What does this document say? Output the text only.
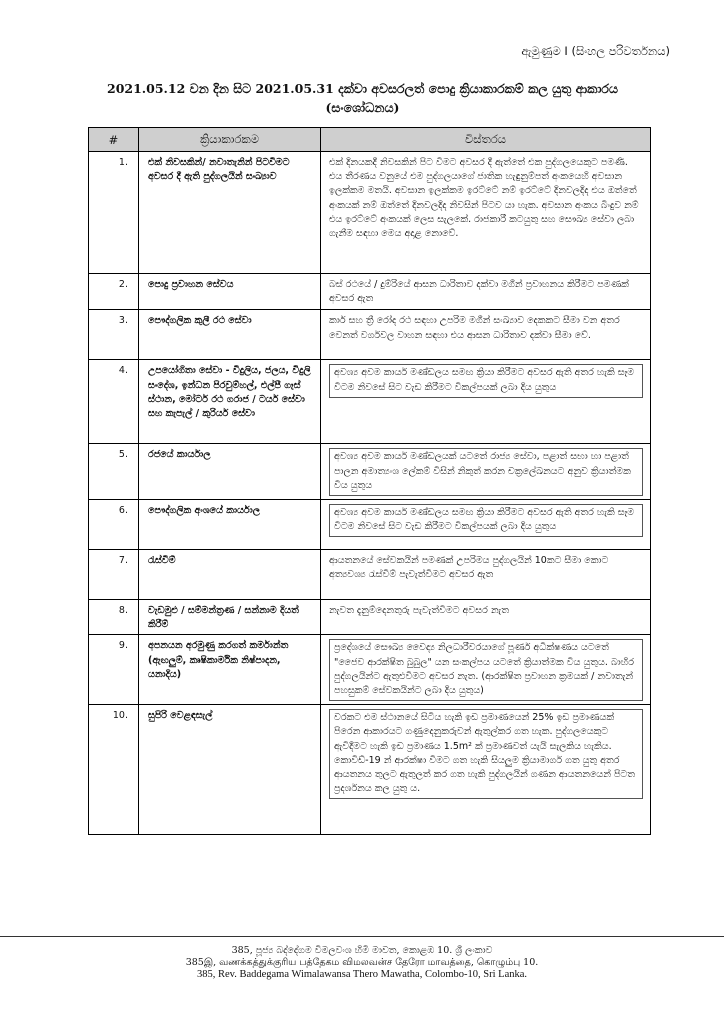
ඇමුණුම I (සිංහල පරිවර්තනය)
2021.05.12 වන දින සිට 2021.05.31 දක්වා අවසරලත් පොදු ක්‍රියාකාරකම් කල යුතු ආකාරය
(සංශෝධනය)
#	ක්‍රියාකාරකම	විස්තරය
1.	එක් නිවසකින්/ නවාතැනින් පිටවීමට අවසර දී ඇති පුද්ගලයින් සංඛ්‍යාව	එක් දිනයකදී නිවසකින් පිට වීමට අවසර දී ඇත්තේ එක පුද්ගලයෙකුට පමණි. එය තීරණය වනුයේ එම පුද්ගලයාගේ ජාතික හැඳුනුම්පත් අංකයෙහි අවසාන ඉලක්කම මතයි. අවසාන ඉලක්කම ඉරට්ටේ නම් ඉරට්ටේ දිනවලදිද එය ඔත්තේ අංකයක් නම් ඔත්තේ දිනවලදිද නිවසින් පිටව යා හැක. අවසාන අංකය බිංදුව නම් එය ඉරට්ටේ අංකයක් ලෙස සැලකේ. රාජකාරී කටයුතු සහ සෞඛ්‍ය සේවා ලබා ගැනීම සඳහා මෙය අදාළ නොවේ.

2.	පොදු ප්‍රවාහන සේවය	බස් රථයේ / දුම්රියේ ආසන ධාරිතාව දක්වා මගීන් ප්‍රවාහනය කිරීමට පමණක් අවසර ඇත

3.	පෞද්ගලික කුලී රථ සේවා	කාර් සහ ත්‍රී රෝද රථ සඳහා උපරිම මගීන් සංඛ්‍යාව දෙකකට සීමා වන අතර වෙනත් වර්ගවල වාහන සඳහා එය ආසන ධාරිතාව දක්වා සීමා වේ.

4.	උපයෝගිතා සේවා - විදුලිය, ජලය, විදුලි සංදේශ, ඉන්ධන පිරවුම්හල්, එල්පී ගෑස් ස්ථාන, මෝටර් රථ ගරාජ / ටයර් සේවා සහ කැපැල් / කුරියර් සේවා	අවශ්‍ය අවම කාර්ය මණ්ඩලය සමඟ ක්‍රියා කිරීමට අවසර ඇති අතර හැකි සෑම විටම නිවසේ සිට වැඩ කිරීමට විකල්පයක් ලබා දිය යුතුය

5.	රජයේ කාර්යාල	අවශ්‍ය අවම කාර්ය මණ්ඩලයක් යටතේ රාජ්‍ය සේවා, පළාත් සභා හා පළාත් පාලන අමාත්‍යංශ ලේකම් විසින් නිකුත් කරන චක්‍රලේඛනයට අනුව ක්‍රියාත්මක විය යුතුය

6.	පෞද්ගලික අංශයේ කාර්යාල	අවශ්‍ය අවම කාර්ය මණ්ඩලය සමඟ ක්‍රියා කිරීමට අවසර ඇති අතර හැකි සෑම විටම නිවසේ සිට වැඩ කිරීමට විකල්පයක් ලබා දිය යුතුය

7.	රැස්වීම්	ආයතනයේ සේවකයින් පමණක් උපරිමය පුද්ගලයින් 10කට සීමා කොට අත්‍යවශ්‍ය රැස්වීම් පැවැත්වීමට අවසර ඇත

8.	වැඩමුළු / සම්මන්ත්‍රණ / සන්නාම දියත් කිරීම්	නැවත දැනුම්දෙනතුරු පැවැත්වීමට අවසර නැත

9.	අපනයන අරමුණු කරගත් කර්මාන්ත (ඇඟලුම්, කෘෂිකාර්මික නිෂ්පාදන, යනාදිය)	ප්‍රදේශයේ සෞඛ්‍ය වෛද්‍ය නිලධාරීවරයාගේ පූර්ණ අධීක්ෂණය යටතේ "ජෛව ආරක්ෂිත බුබුල" යන සංකල්පය යටතේ ක්‍රියාත්මක විය යුතුය. බාහිර පුද්ගලයින්ට ඇතුළුවීමට අවසර නැත. (ආරක්ෂිත ප්‍රවාහන ක්‍රමයක් / නවාතැන් පහසුකම් සේවකයින්ට ලබා දිය යුතුය)

10.	සුපිරි වෙළඳසැල්	වරකට එම ස්ථානයේ සිටිය හැකි ඉඩ ප්‍රමාණයෙන් 25% ඉඩ ප්‍රමාණයක් පිරෙන ආකාරයට ගණුදෙනුකරුවන් ඇතුල්කර ගත හැක. පුද්ගලයෙකුට ඇවිදීමට හැකි ඉඩ ප්‍රමාණය 1.5m² ක් ප්‍රමාණවත් යැයි සැලකිය හැකිය. කොවිඩ්-19 න් ආරක්ෂා වීමට ගත හැකි සියලුම ක්‍රියාමාර්ග ගත යුතු අතර ආයතනය තුලට ඇතුලත් කර ගත හැකි පුද්ගලයින් ගණන ආයතනයෙන් පිටත ප්‍රදර්ශනය කල යුතු ය.
385, පූජ්‍ය බද්දේගම විමලවංශ හිමි මාවත, කොළඹ 10. ශ්‍රී ලංකාව
385இ, வணக்கத்துக்குரிய பத்தேகம விமலவன்ச தேரோ மாவத்தை, கொழும்பு 10.
385, Rev. Baddegama Wimalawansa Thero Mawatha, Colombo-10, Sri Lanka.
